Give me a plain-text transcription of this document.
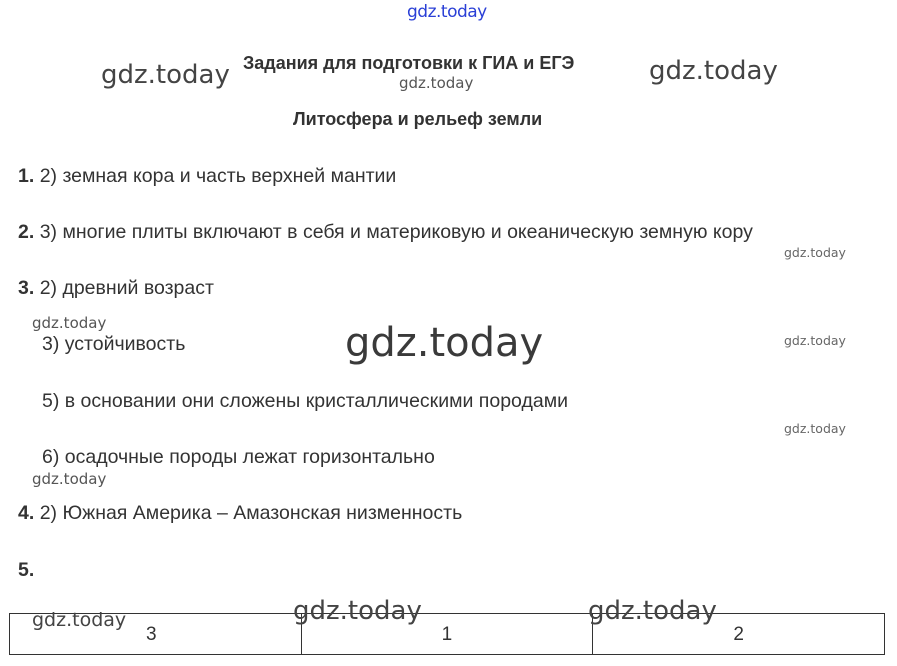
gdz.today
gdz.today	gdz.today
gdz.today
gdz.today
gdz.today	gdz.today	gdz.today
gdz.today
gdz.today
Задания для подготовки к ГИА и ЕГЭ
Литосфера и рельеф земли
1. 2) земная кора и часть верхней мантии
2. 3) многие плиты включают в себя и материковую и океаническую земную кору
3. 2) древний возраст
3) устойчивость
5) в основании они сложены кристаллическими породами
6) осадочные породы лежат горизонтально
4. 2) Южная Америка – Амазонская низменность
5.
3	1	2
gdz.today	gdz.today	gdz.today
